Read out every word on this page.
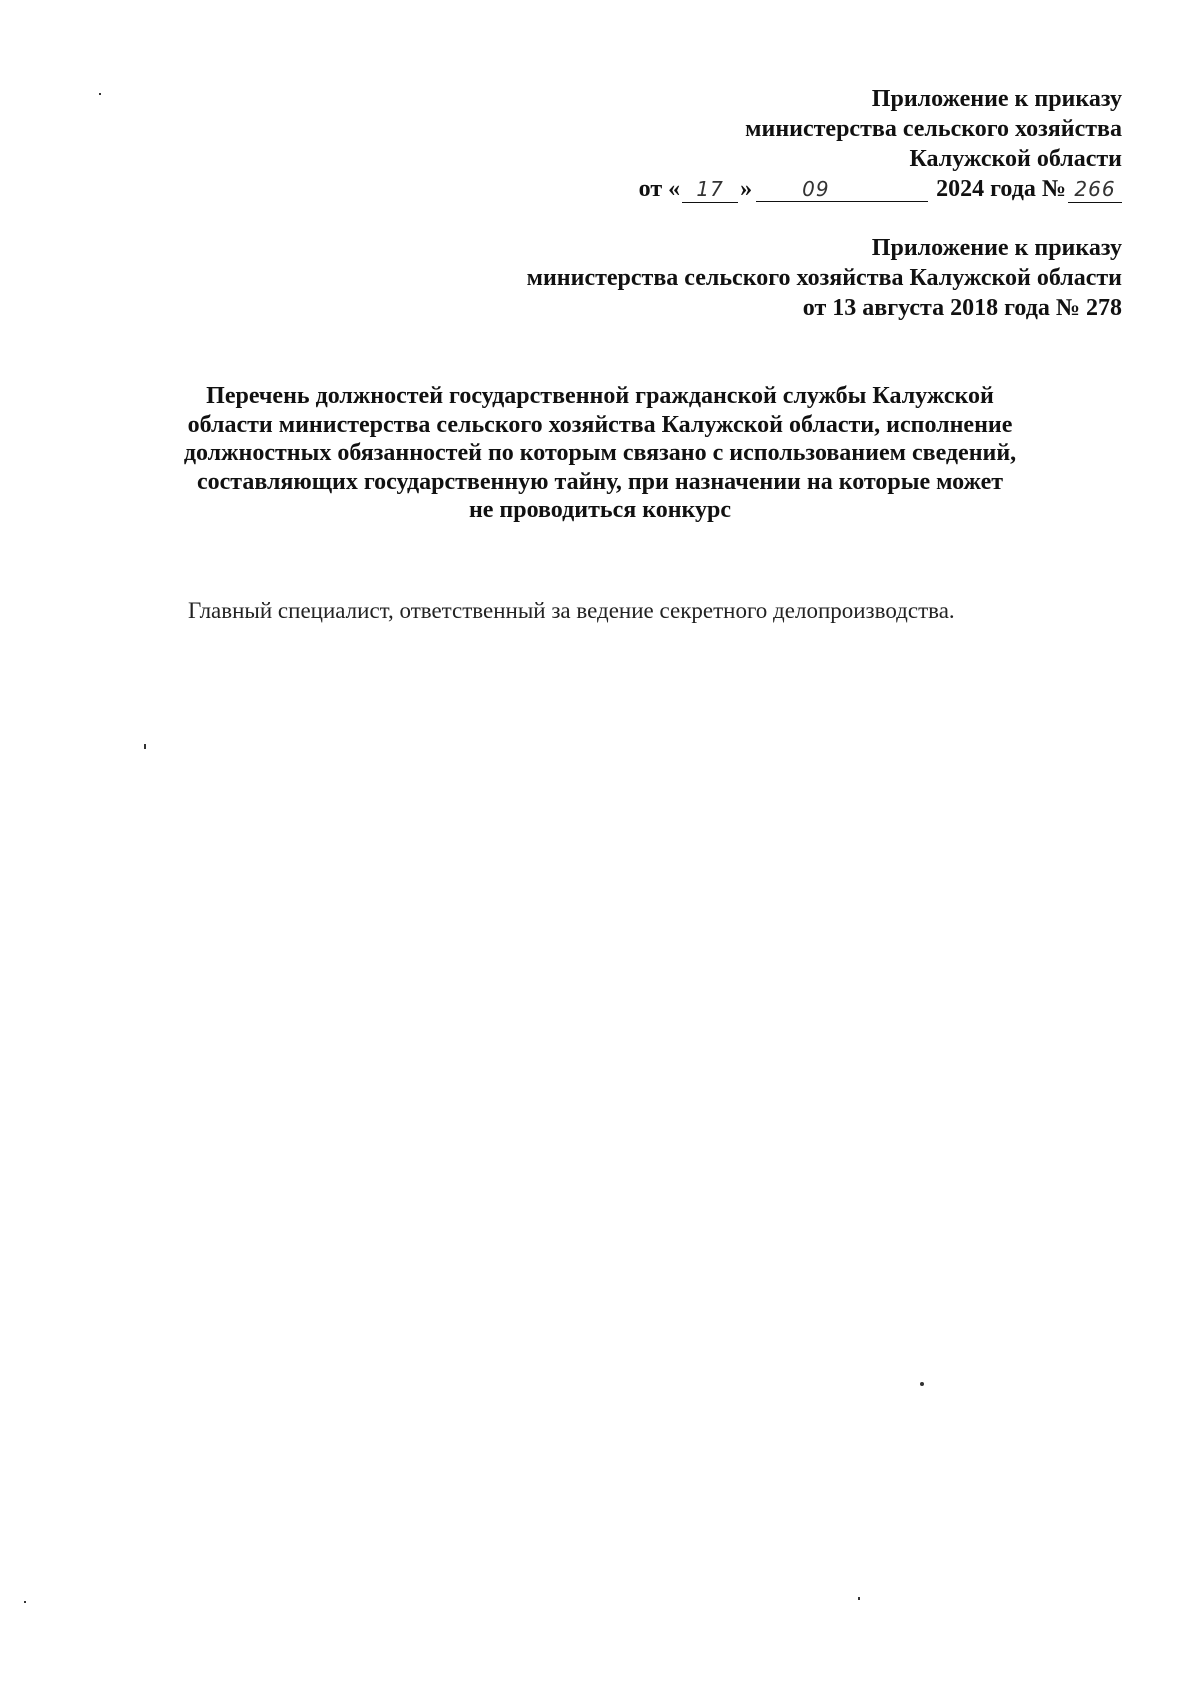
Приложение к приказу
министерства сельского хозяйства
Калужской области
от « 17 »	09	2024 года № 266
Приложение к приказу
министерства сельского хозяйства Калужской области
от 13 августа 2018 года № 278
Перечень должностей государственной гражданской службы Калужской
области министерства сельского хозяйства Калужской области, исполнение
должностных обязанностей по которым связано с использованием сведений,
составляющих государственную тайну, при назначении на которые может
не проводиться конкурс
Главный специалист, ответственный за ведение секретного делопроизводства.
